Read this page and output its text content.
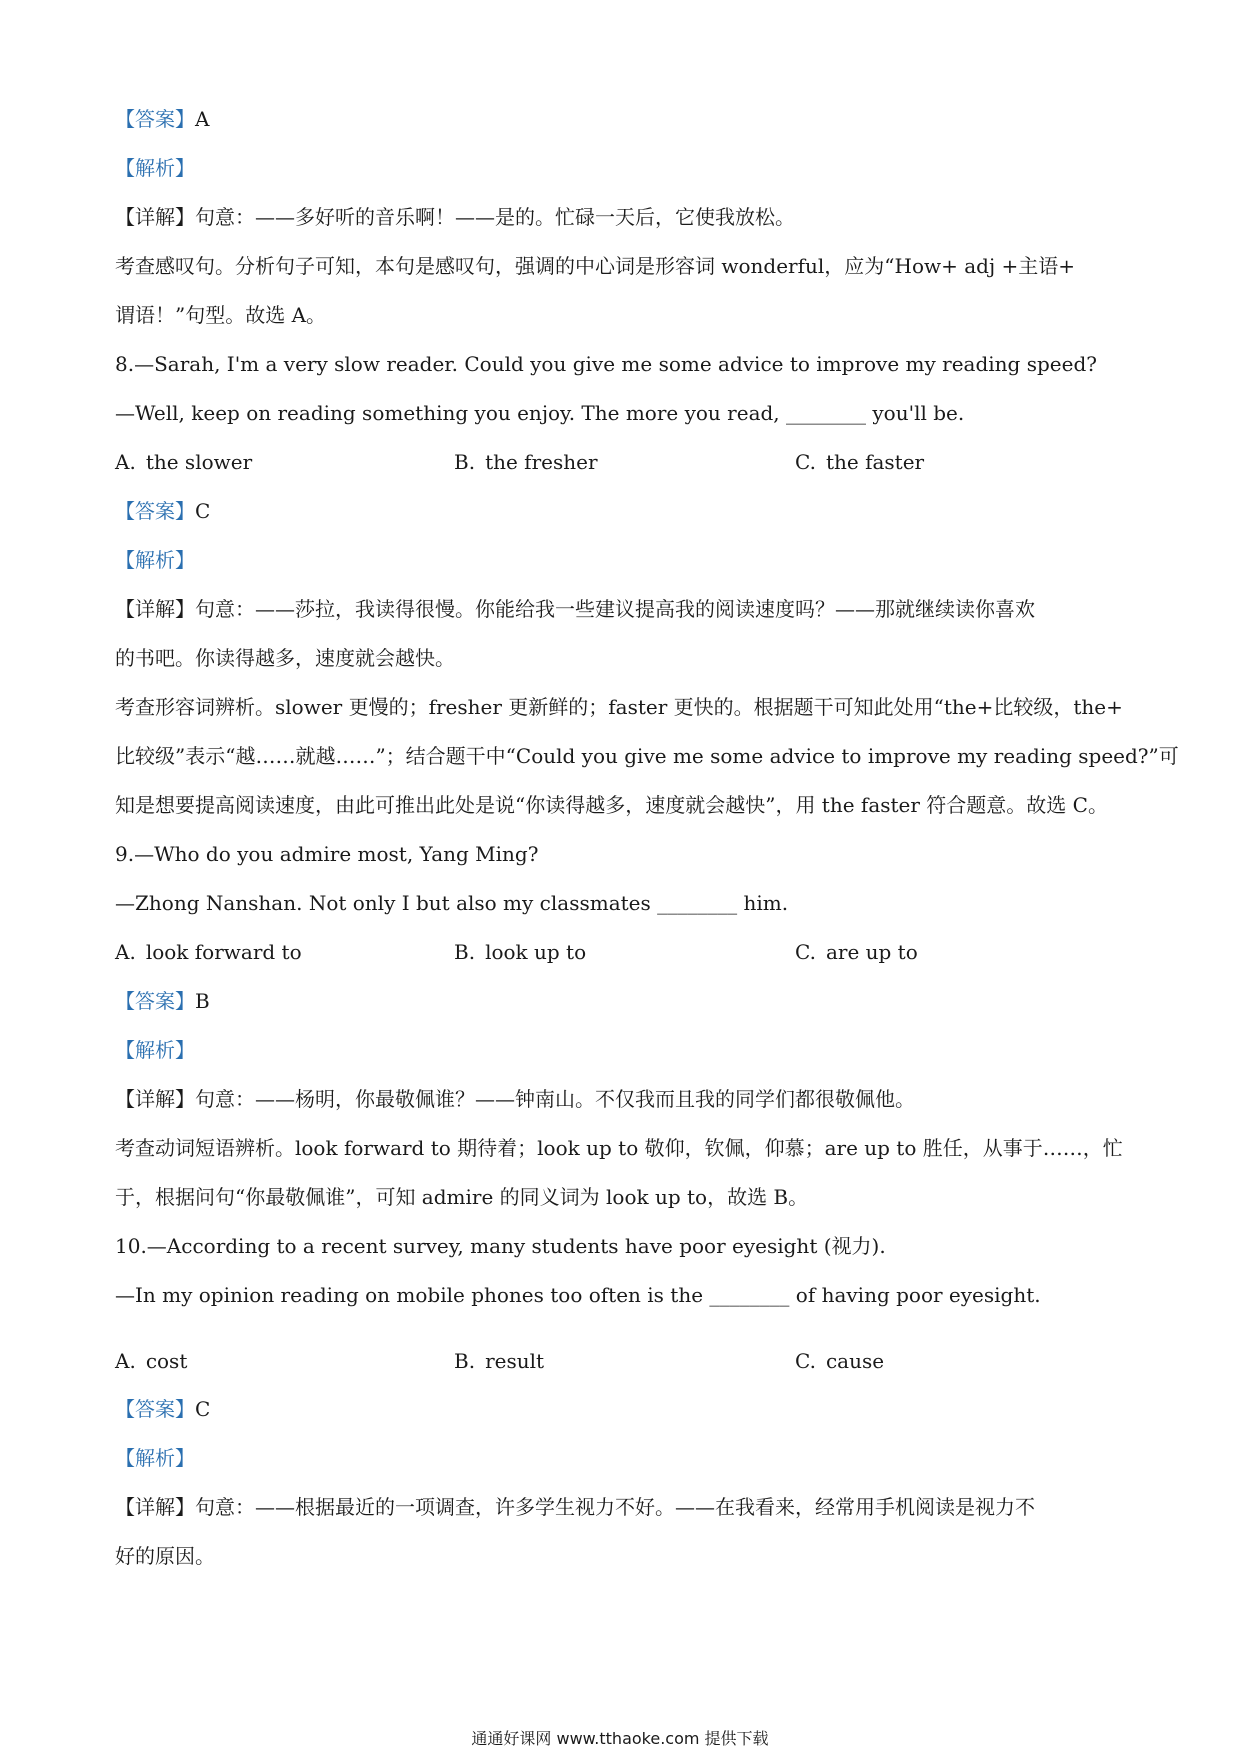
【答案】A
【解析】
【详解】句意：——多好听的音乐啊！——是的。忙碌一天后，它使我放松。
考查感叹句。分析句子可知，本句是感叹句，强调的中心词是形容词 wonderful，应为“How+ adj +主语+
谓语！”句型。故选 A。
8.—Sarah, I'm a very slow reader. Could you give me some advice to improve my reading speed?
—Well, keep on reading something you enjoy. The more you read, ________ you'll be.
A. the slower	B. the fresher	C. the faster
【答案】C
【解析】
【详解】句意：——莎拉，我读得很慢。你能给我一些建议提高我的阅读速度吗？——那就继续读你喜欢
的书吧。你读得越多，速度就会越快。
考查形容词辨析。slower 更慢的；fresher 更新鲜的；faster 更快的。根据题干可知此处用“the+比较级，the+
比较级”表示“越……就越……”；结合题干中“Could you give me some advice to improve my reading speed?”可
知是想要提高阅读速度，由此可推出此处是说“你读得越多，速度就会越快”，用 the faster 符合题意。故选 C。
9.—Who do you admire most, Yang Ming?
—Zhong Nanshan. Not only I but also my classmates ________ him.
A. look forward to	B. look up to	C. are up to
【答案】B
【解析】
【详解】句意：——杨明，你最敬佩谁？——钟南山。不仅我而且我的同学们都很敬佩他。
考查动词短语辨析。look forward to 期待着；look up to 敬仰，钦佩，仰慕；are up to 胜任，从事于……，忙
于，根据问句“你最敬佩谁”，可知 admire 的同义词为 look up to，故选 B。
10.—According to a recent survey, many students have poor eyesight (视力).
—In my opinion reading on mobile phones too often is the ________ of having poor eyesight.
A. cost	B. result	C. cause
【答案】C
【解析】
【详解】句意：——根据最近的一项调查，许多学生视力不好。——在我看来，经常用手机阅读是视力不
好的原因。
通通好课网 www.tthaoke.com 提供下载
